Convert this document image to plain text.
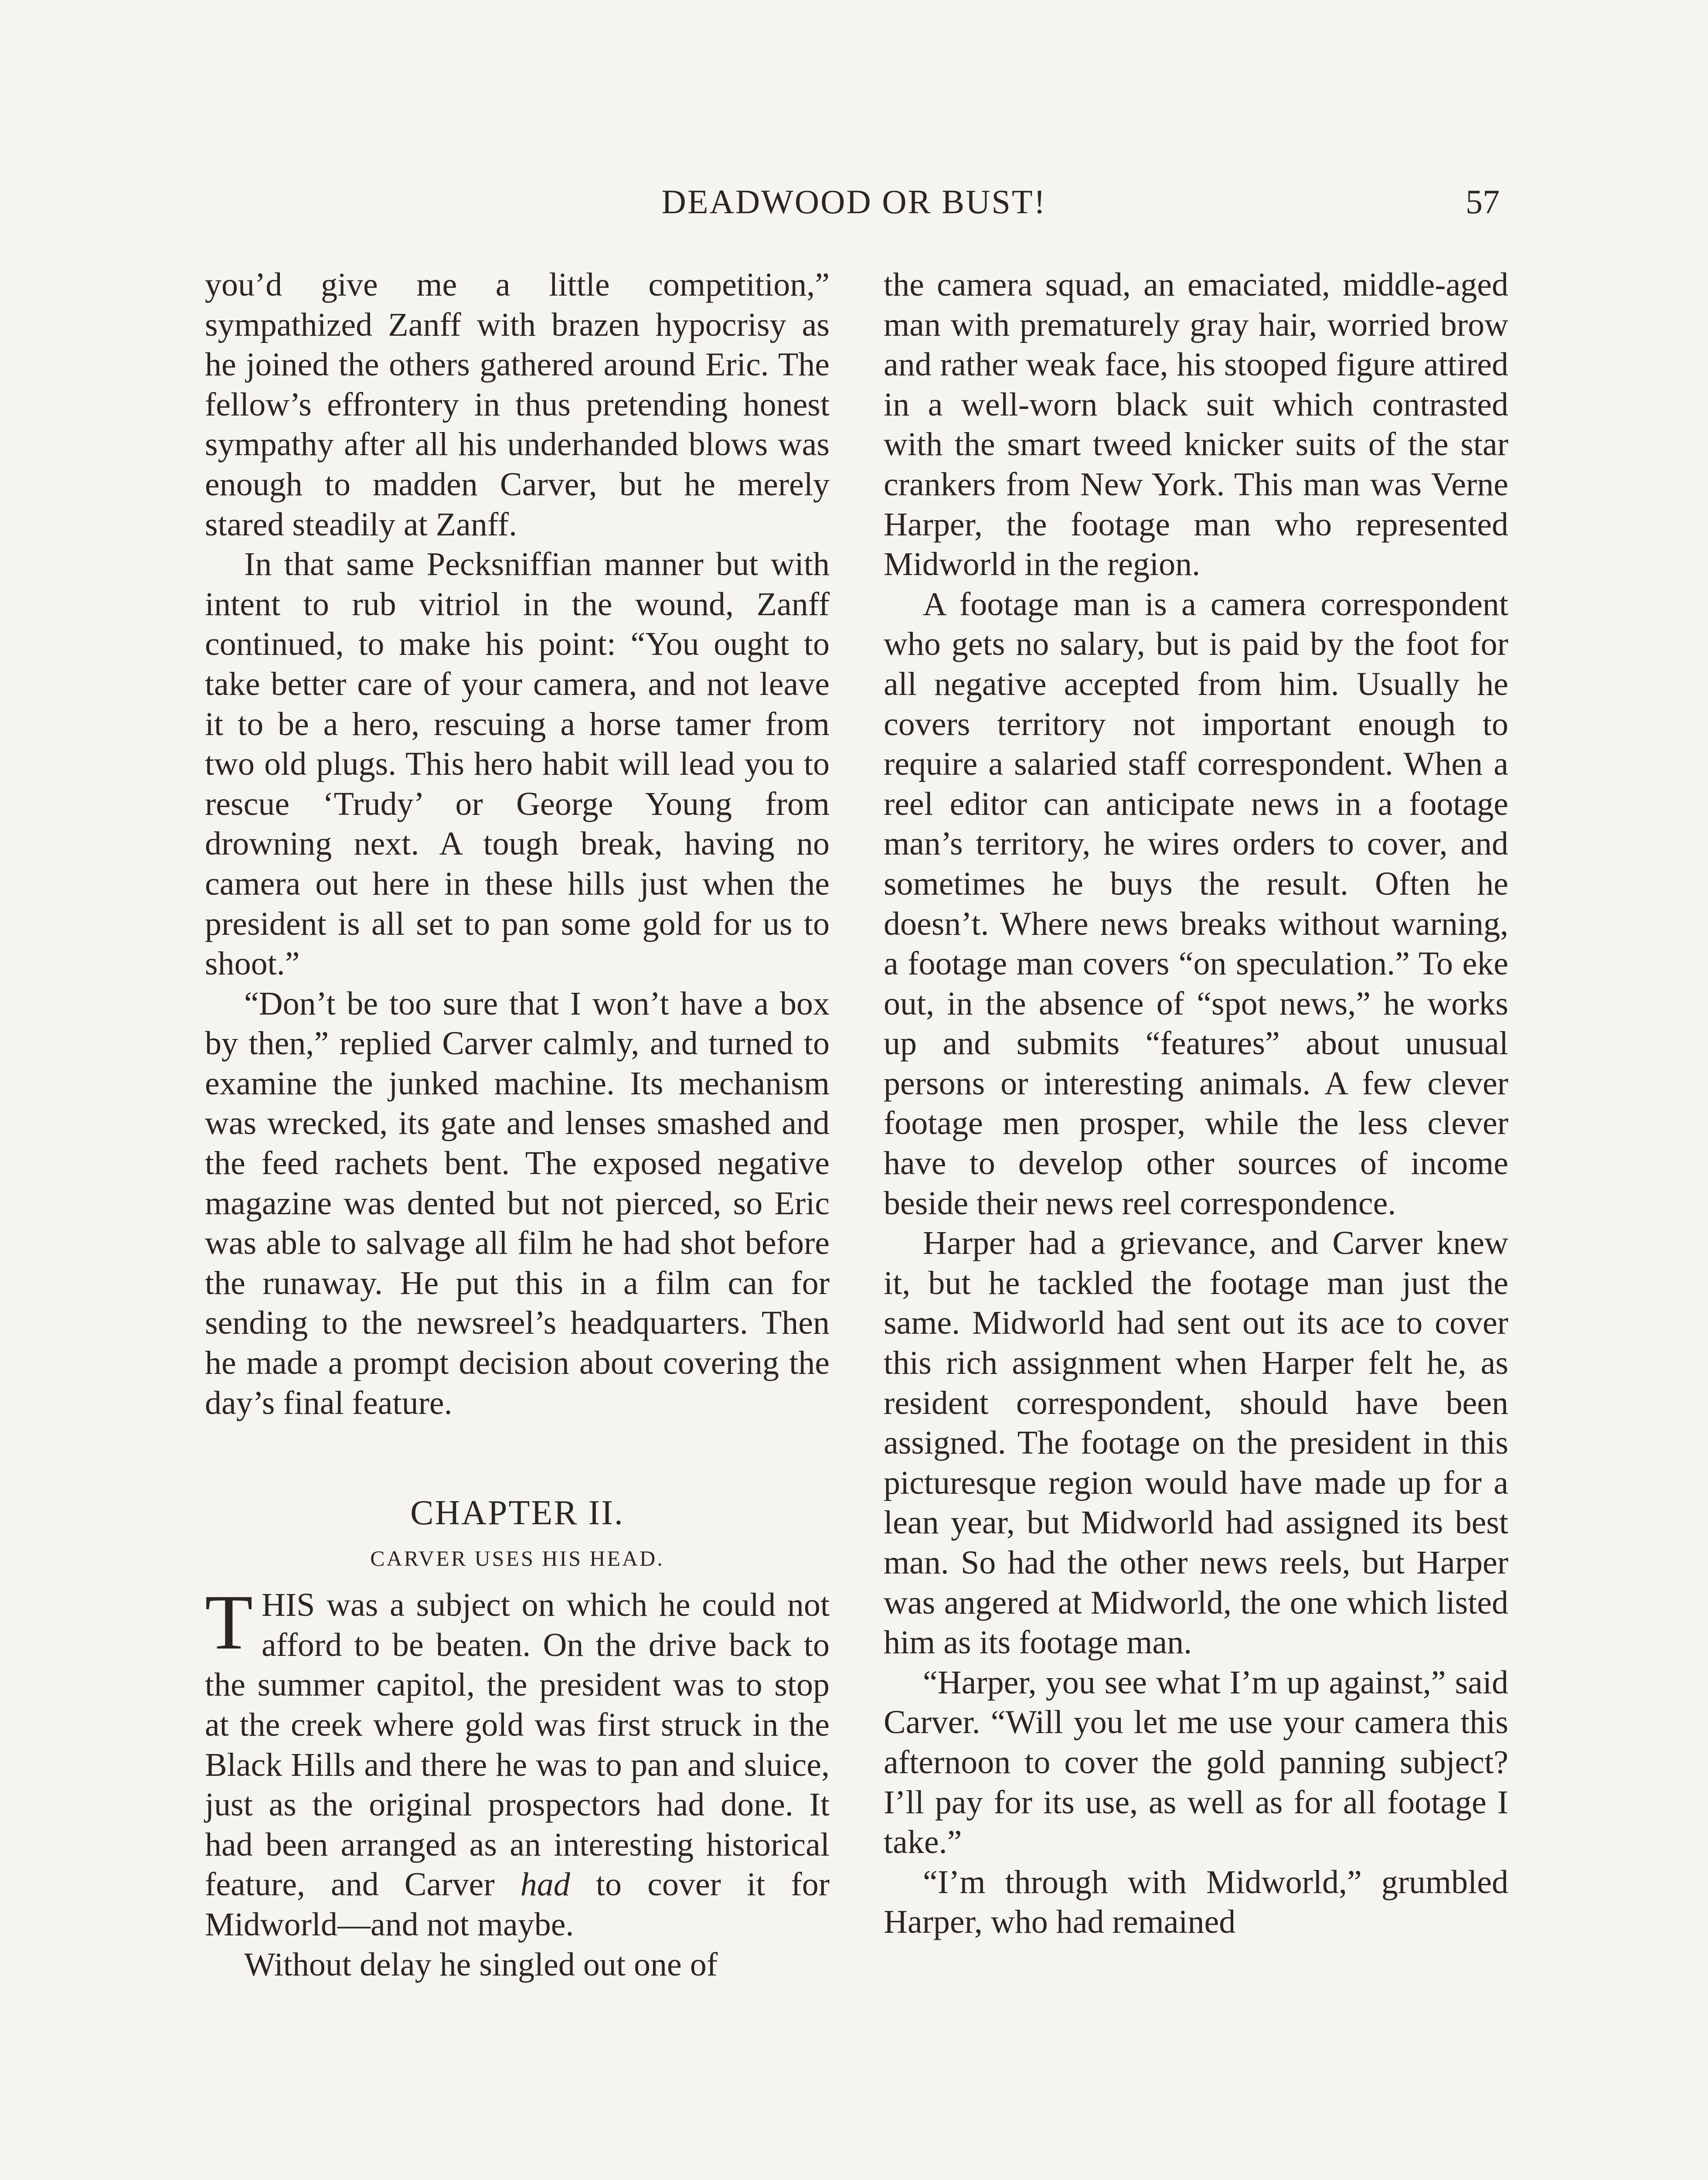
DEADWOOD OR BUST!	57

you’d give me a little competition,” sympathized Zanff with brazen hypocrisy as he joined the others gathered around Eric. The fellow’s effrontery in thus pretending honest sympathy after all his underhanded blows was enough to madden Carver, but he merely stared steadily at Zanff.

In that same Pecksniffian manner but with intent to rub vitriol in the wound, Zanff continued, to make his point: “You ought to take better care of your camera, and not leave it to be a hero, rescuing a horse tamer from two old plugs. This hero habit will lead you to rescue ‘Trudy’ or George Young from drowning next. A tough break, having no camera out here in these hills just when the president is all set to pan some gold for us to shoot.”

“Don’t be too sure that I won’t have a box by then,” replied Carver calmly, and turned to examine the junked machine. Its mechanism was wrecked, its gate and lenses smashed and the feed rachets bent. The exposed negative magazine was dented but not pierced, so Eric was able to salvage all film he had shot before the runaway. He put this in a film can for sending to the newsreel’s headquarters. Then he made a prompt decision about covering the day’s final feature.

CHAPTER II.
CARVER USES HIS HEAD.

THIS was a subject on which he could not afford to be beaten. On the drive back to the summer capitol, the president was to stop at the creek where gold was first struck in the Black Hills and there he was to pan and sluice, just as the original prospectors had done. It had been arranged as an interesting historical feature, and Carver had to cover it for Midworld—and not maybe.

Without delay he singled out one of

the camera squad, an emaciated, middle-aged man with prematurely gray hair, worried brow and rather weak face, his stooped figure attired in a well-worn black suit which contrasted with the smart tweed knicker suits of the star crankers from New York. This man was Verne Harper, the footage man who represented Midworld in the region.

A footage man is a camera correspondent who gets no salary, but is paid by the foot for all negative accepted from him. Usually he covers territory not important enough to require a salaried staff correspondent. When a reel editor can anticipate news in a footage man’s territory, he wires orders to cover, and sometimes he buys the result. Often he doesn’t. Where news breaks without warning, a footage man covers “on speculation.” To eke out, in the absence of “spot news,” he works up and submits “features” about unusual persons or interesting animals. A few clever footage men prosper, while the less clever have to develop other sources of income beside their news reel correspondence.

Harper had a grievance, and Carver knew it, but he tackled the footage man just the same. Midworld had sent out its ace to cover this rich assignment when Harper felt he, as resident correspondent, should have been assigned. The footage on the president in this picturesque region would have made up for a lean year, but Midworld had assigned its best man. So had the other news reels, but Harper was angered at Midworld, the one which listed him as its footage man.

“Harper, you see what I’m up against,” said Carver. “Will you let me use your camera this afternoon to cover the gold panning subject? I’ll pay for its use, as well as for all footage I take.”

“I’m through with Midworld,” grumbled Harper, who had remained
